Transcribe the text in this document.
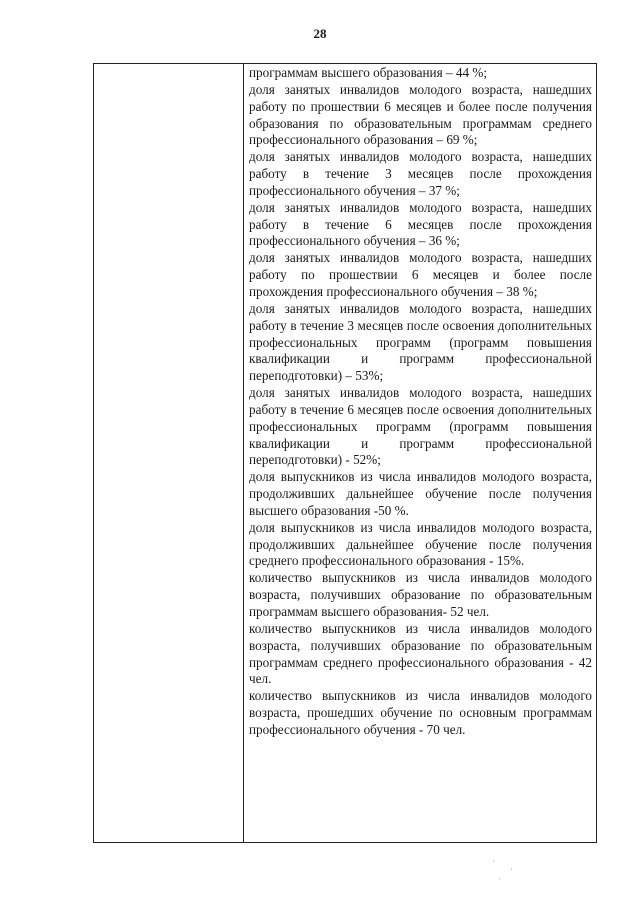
28

программам высшего образования – 44 %;

доля занятых инвалидов молодого возраста, нашедших работу по прошествии 6 месяцев и более после получения образования по образовательным программам среднего профессионального образования – 69 %;

доля занятых инвалидов молодого возраста, нашедших работу в течение 3 месяцев после прохождения профессионального обучения – 37 %;

доля занятых инвалидов молодого возраста, нашедших работу в течение 6 месяцев после прохождения профессионального обучения – 36 %;

доля занятых инвалидов молодого возраста, нашедших работу по прошествии 6 месяцев и более после прохождения профессионального обучения – 38 %;

доля занятых инвалидов молодого возраста, нашедших работу в течение 3 месяцев после освоения дополнительных профессиональных программ (программ повышения квалификации и программ профессиональной переподготовки) – 53%;

доля занятых инвалидов молодого возраста, нашедших работу в течение 6 месяцев после освоения дополнительных профессиональных программ (программ повышения квалификации и программ профессиональной переподготовки) - 52%;

доля выпускников из числа инвалидов молодого возраста, продолживших дальнейшее обучение после получения высшего образования -50 %.

доля выпускников из числа инвалидов молодого возраста, продолживших дальнейшее обучение после получения среднего профессионального образования - 15%.

количество выпускников из числа инвалидов молодого возраста, получивших образование по образовательным программам высшего образования- 52 чел.

количество выпускников из числа инвалидов молодого возраста, получивших образование по образовательным программам среднего профессионального образования - 42 чел.

количество выпускников из числа инвалидов молодого возраста, прошедших обучение по основным программам профессионального обучения - 70 чел.

·
·
·
